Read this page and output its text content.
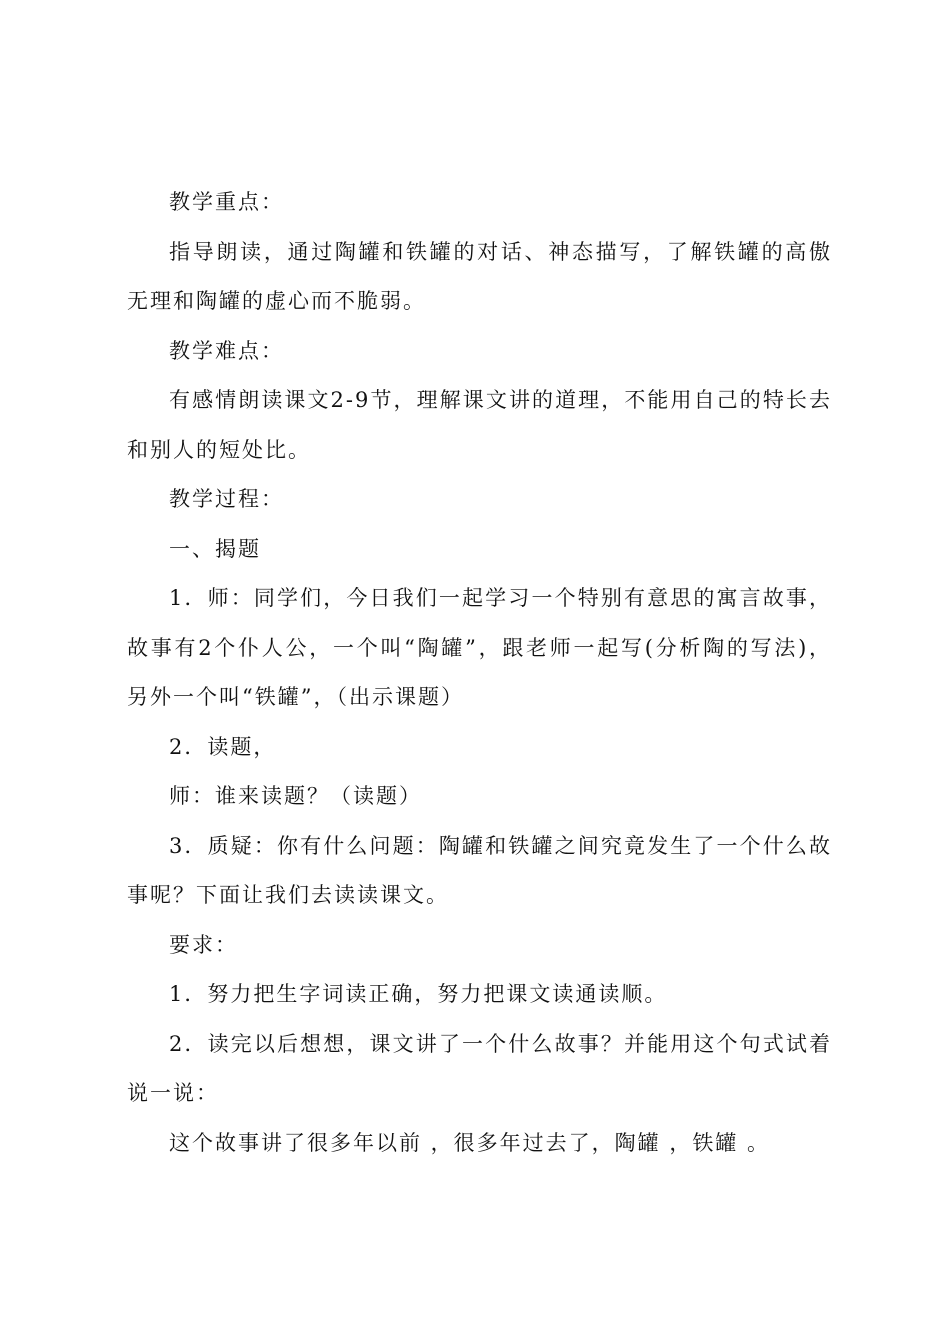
教学重点：

指导朗读，通过陶罐和铁罐的对话、神态描写，了解铁罐的高傲无理和陶罐的虚心而不脆弱。

教学难点：

有感情朗读课文2-9节，理解课文讲的道理，不能用自己的特长去和别人的短处比。

教学过程：

一、揭题

1．师：同学们，今日我们一起学习一个特别有意思的寓言故事，故事有2个仆人公，一个叫“陶罐”，跟老师一起写(分析陶的写法)，另外一个叫“铁罐”，（出示课题）

2．读题，

师：谁来读题？（读题）

3．质疑：你有什么问题：陶罐和铁罐之间究竟发生了一个什么故事呢？下面让我们去读读课文。

要求：

1．努力把生字词读正确，努力把课文读通读顺。

2．读完以后想想，课文讲了一个什么故事？并能用这个句式试着说一说：

这个故事讲了很多年以前 ，很多年过去了，陶罐 ，铁罐 。
